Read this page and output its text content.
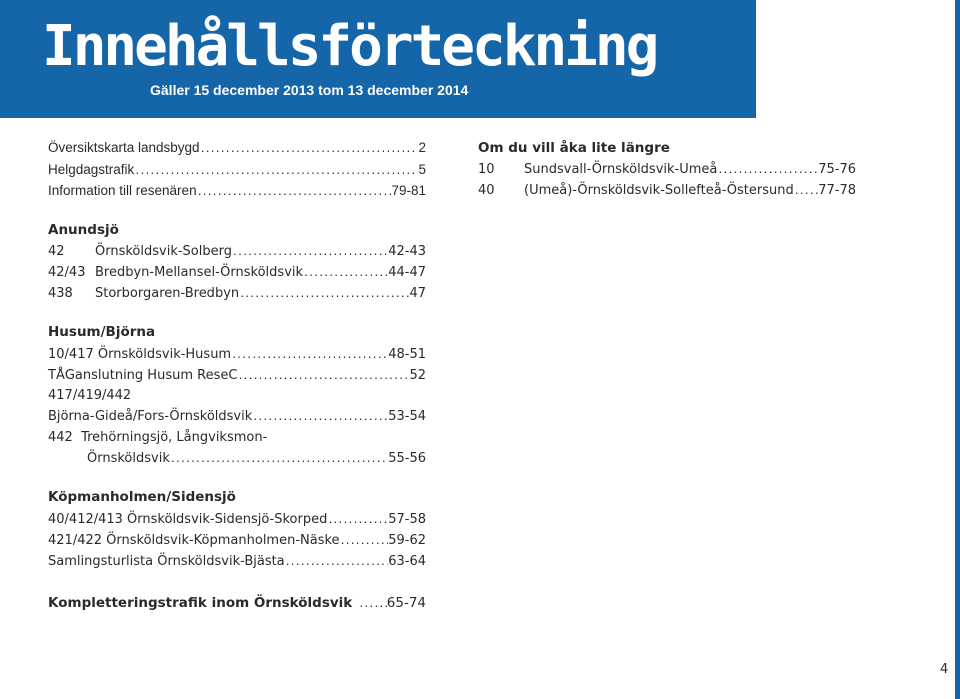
Innehållsförteckning
Gäller 15 december 2013 tom 13 december 2014
Översiktskarta landsbygd .....	2
Helgdagstrafik .....	5
Information till resenären .....	79-81
Om du vill åka lite längre
10	Sundsvall-Örnsköldsvik-Umeå .....	75-76
40	(Umeå)-Örnsköldsvik-Sollefteå-Östersund ..... 77-78
Anundsjö
42	Örnsköldsvik-Solberg .....	42-43
42/43 Bredbyn-Mellansel-Örnsköldsvik .....	44-47
438	Storborgaren-Bredbyn .....	47
Husum/Björna
10/417 Örnsköldsvik-Husum .....	48-51
TÅGanslutning Husum ReseC .....	52
417/419/442
Björna-Gideå/Fors-Örnsköldsvik .....	53-54
442  Trehörningsjö, Långviksmon-
Örnsköldsvik .....	55-56
Köpmanholmen/Sidensjö
40/412/413 Örnsköldsvik-Sidensjö-Skorped .....	57-58
421/422 Örnsköldsvik-Köpmanholmen-Näske .....	59-62
Samlingsturlista Örnsköldsvik-Bjästa .....	63-64
Kompletteringstrafik inom Örnsköldsvik .....	65-74
4
